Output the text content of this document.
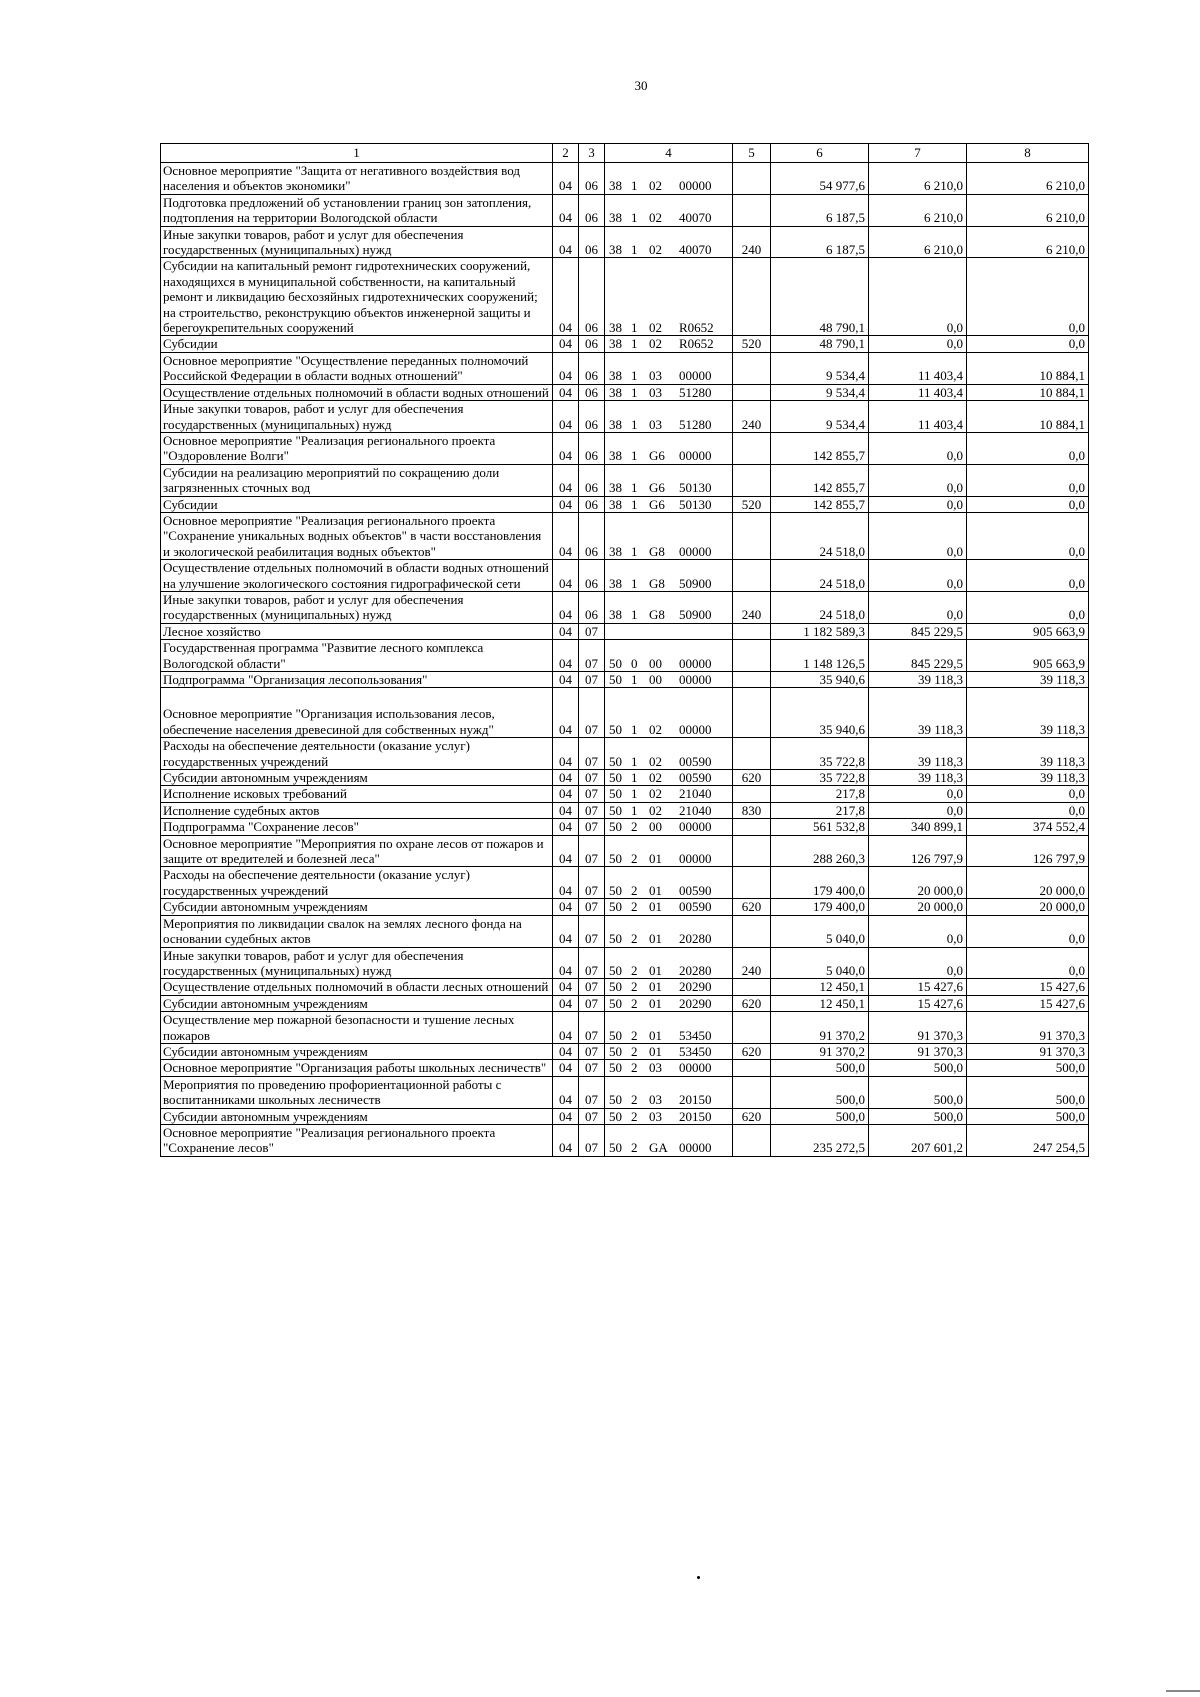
30
1	2	3	4	5	6	7	8
Основное мероприятие "Защита от негативного воздействия вод населения и объектов экономики"	04	06	38 1 02 00000		54 977,6	6 210,0	6 210,0
Подготовка предложений об установлении границ зон затопления, подтопления на территории Вологодской области	04	06	38 1 02 40070		6 187,5	6 210,0	6 210,0
Иные закупки товаров, работ и услуг для обеспечения государственных (муниципальных) нужд	04	06	38 1 02 40070	240	6 187,5	6 210,0	6 210,0
Субсидии на капитальный ремонт гидротехнических сооружений, находящихся в муниципальной собственности, на капитальный ремонт и ликвидацию бесхозяйных гидротехнических сооружений; на строительство, реконструкцию объектов инженерной защиты и берегоукрепительных сооружений	04	06	38 1 02 R0652		48 790,1	0,0	0,0
Субсидии	04	06	38 1 02 R0652	520	48 790,1	0,0	0,0
Основное мероприятие "Осуществление переданных полномочий Российской Федерации в области водных отношений"	04	06	38 1 03 00000		9 534,4	11 403,4	10 884,1
Осуществление отдельных полномочий в области водных отношений	04	06	38 1 03 51280		9 534,4	11 403,4	10 884,1
Иные закупки товаров, работ и услуг для обеспечения государственных (муниципальных) нужд	04	06	38 1 03 51280	240	9 534,4	11 403,4	10 884,1
Основное мероприятие "Реализация регионального проекта "Оздоровление Волги"	04	06	38 1 G6 00000		142 855,7	0,0	0,0
Субсидии на реализацию мероприятий по сокращению доли загрязненных сточных вод	04	06	38 1 G6 50130		142 855,7	0,0	0,0
Субсидии	04	06	38 1 G6 50130	520	142 855,7	0,0	0,0
Основное мероприятие "Реализация регионального проекта "Сохранение уникальных водных объектов" в части восстановления и экологической реабилитация водных объектов"	04	06	38 1 G8 00000		24 518,0	0,0	0,0
Осуществление отдельных полномочий в области водных отношений на улучшение экологического состояния гидрографической сети	04	06	38 1 G8 50900		24 518,0	0,0	0,0
Иные закупки товаров, работ и услуг для обеспечения государственных (муниципальных) нужд	04	06	38 1 G8 50900	240	24 518,0	0,0	0,0
Лесное хозяйство	04	07			1 182 589,3	845 229,5	905 663,9
Государственная программа "Развитие лесного комплекса Вологодской области"	04	07	50 0 00 00000		1 148 126,5	845 229,5	905 663,9
Подпрограмма "Организация лесопользования"	04	07	50 1 00 00000		35 940,6	39 118,3	39 118,3
Основное мероприятие "Организация использования лесов, обеспечение населения древесиной для собственных нужд"	04	07	50 1 02 00000		35 940,6	39 118,3	39 118,3
Расходы на обеспечение деятельности (оказание услуг) государственных учреждений	04	07	50 1 02 00590		35 722,8	39 118,3	39 118,3
Субсидии автономным учреждениям	04	07	50 1 02 00590	620	35 722,8	39 118,3	39 118,3
Исполнение исковых требований	04	07	50 1 02 21040		217,8	0,0	0,0
Исполнение судебных актов	04	07	50 1 02 21040	830	217,8	0,0	0,0
Подпрограмма "Сохранение лесов"	04	07	50 2 00 00000		561 532,8	340 899,1	374 552,4
Основное мероприятие "Мероприятия по охране лесов от пожаров и защите от вредителей и болезней леса"	04	07	50 2 01 00000		288 260,3	126 797,9	126 797,9
Расходы на обеспечение деятельности (оказание услуг) государственных учреждений	04	07	50 2 01 00590		179 400,0	20 000,0	20 000,0
Субсидии автономным учреждениям	04	07	50 2 01 00590	620	179 400,0	20 000,0	20 000,0
Мероприятия по ликвидации свалок на землях лесного фонда на основании судебных актов	04	07	50 2 01 20280		5 040,0	0,0	0,0
Иные закупки товаров, работ и услуг для обеспечения государственных (муниципальных) нужд	04	07	50 2 01 20280	240	5 040,0	0,0	0,0
Осуществление отдельных полномочий в области лесных отношений	04	07	50 2 01 20290		12 450,1	15 427,6	15 427,6
Субсидии автономным учреждениям	04	07	50 2 01 20290	620	12 450,1	15 427,6	15 427,6
Осуществление мер пожарной безопасности и тушение лесных пожаров	04	07	50 2 01 53450		91 370,2	91 370,3	91 370,3
Субсидии автономным учреждениям	04	07	50 2 01 53450	620	91 370,2	91 370,3	91 370,3
Основное мероприятие "Организация работы школьных лесничеств"	04	07	50 2 03 00000		500,0	500,0	500,0
Мероприятия по проведению профориентационной работы с воспитанниками школьных лесничеств	04	07	50 2 03 20150		500,0	500,0	500,0
Субсидии автономным учреждениям	04	07	50 2 03 20150	620	500,0	500,0	500,0
Основное мероприятие "Реализация регионального проекта "Сохранение лесов"	04	07	50 2 GA 00000		235 272,5	207 601,2	247 254,5
